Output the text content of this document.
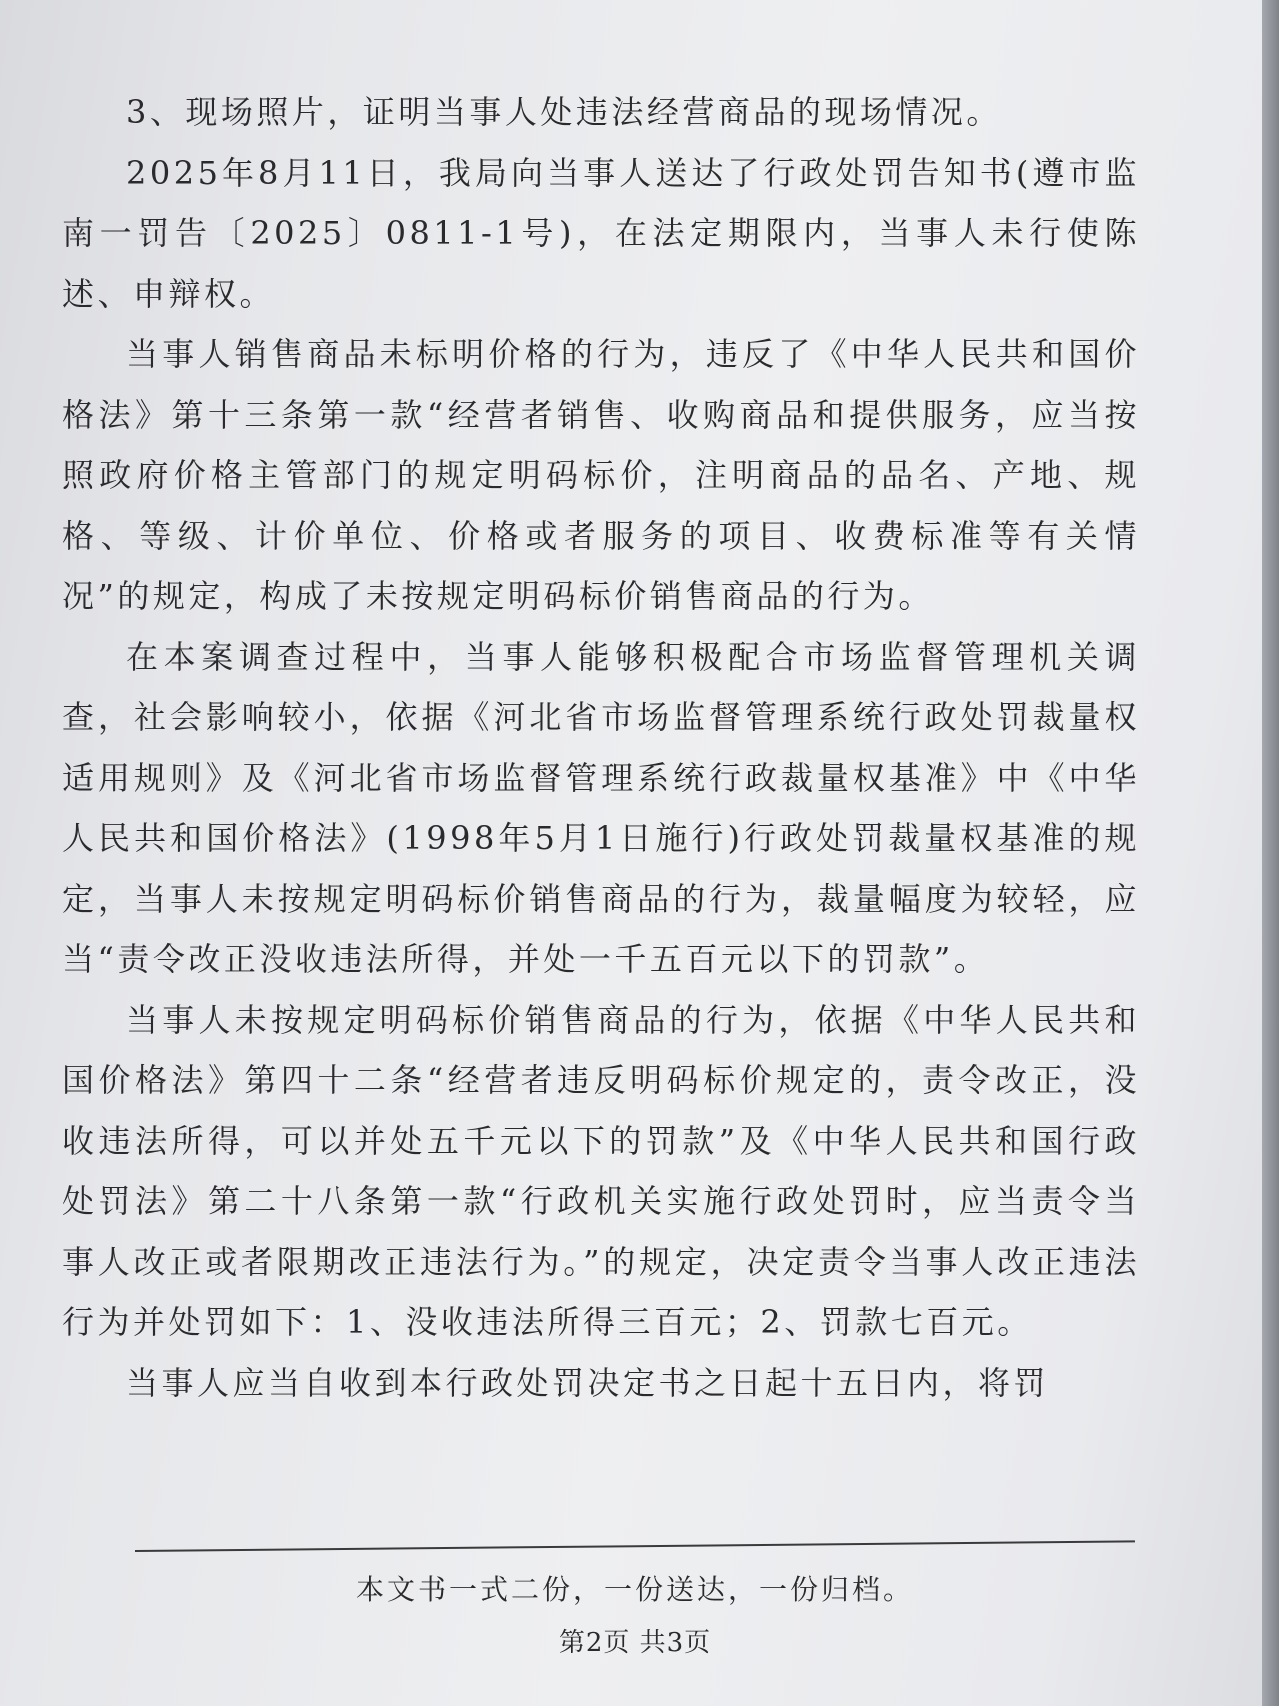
3、现场照片，证明当事人处违法经营商品的现场情况。

2025年8月11日，我局向当事人送达了行政处罚告知书(遵市监南一罚告〔2025〕0811-1号)，在法定期限内，当事人未行使陈述、申辩权。

当事人销售商品未标明价格的行为，违反了《中华人民共和国价格法》第十三条第一款“经营者销售、收购商品和提供服务，应当按照政府价格主管部门的规定明码标价，注明商品的品名、产地、规格、等级、计价单位、价格或者服务的项目、收费标准等有关情况”的规定，构成了未按规定明码标价销售商品的行为。

在本案调查过程中，当事人能够积极配合市场监督管理机关调查，社会影响较小，依据《河北省市场监督管理系统行政处罚裁量权适用规则》及《河北省市场监督管理系统行政裁量权基准》中《中华人民共和国价格法》(1998年5月1日施行)行政处罚裁量权基准的规定，当事人未按规定明码标价销售商品的行为，裁量幅度为较轻，应当“责令改正没收违法所得，并处一千五百元以下的罚款”。

当事人未按规定明码标价销售商品的行为，依据《中华人民共和国价格法》第四十二条“经营者违反明码标价规定的，责令改正，没收违法所得，可以并处五千元以下的罚款”及《中华人民共和国行政处罚法》第二十八条第一款“行政机关实施行政处罚时，应当责令当事人改正或者限期改正违法行为。”的规定，决定责令当事人改正违法行为并处罚如下：1、没收违法所得三百元；2、罚款七百元。

当事人应当自收到本行政处罚决定书之日起十五日内，将罚

本文书一式二份，一份送达，一份归档。
第2页 共3页
